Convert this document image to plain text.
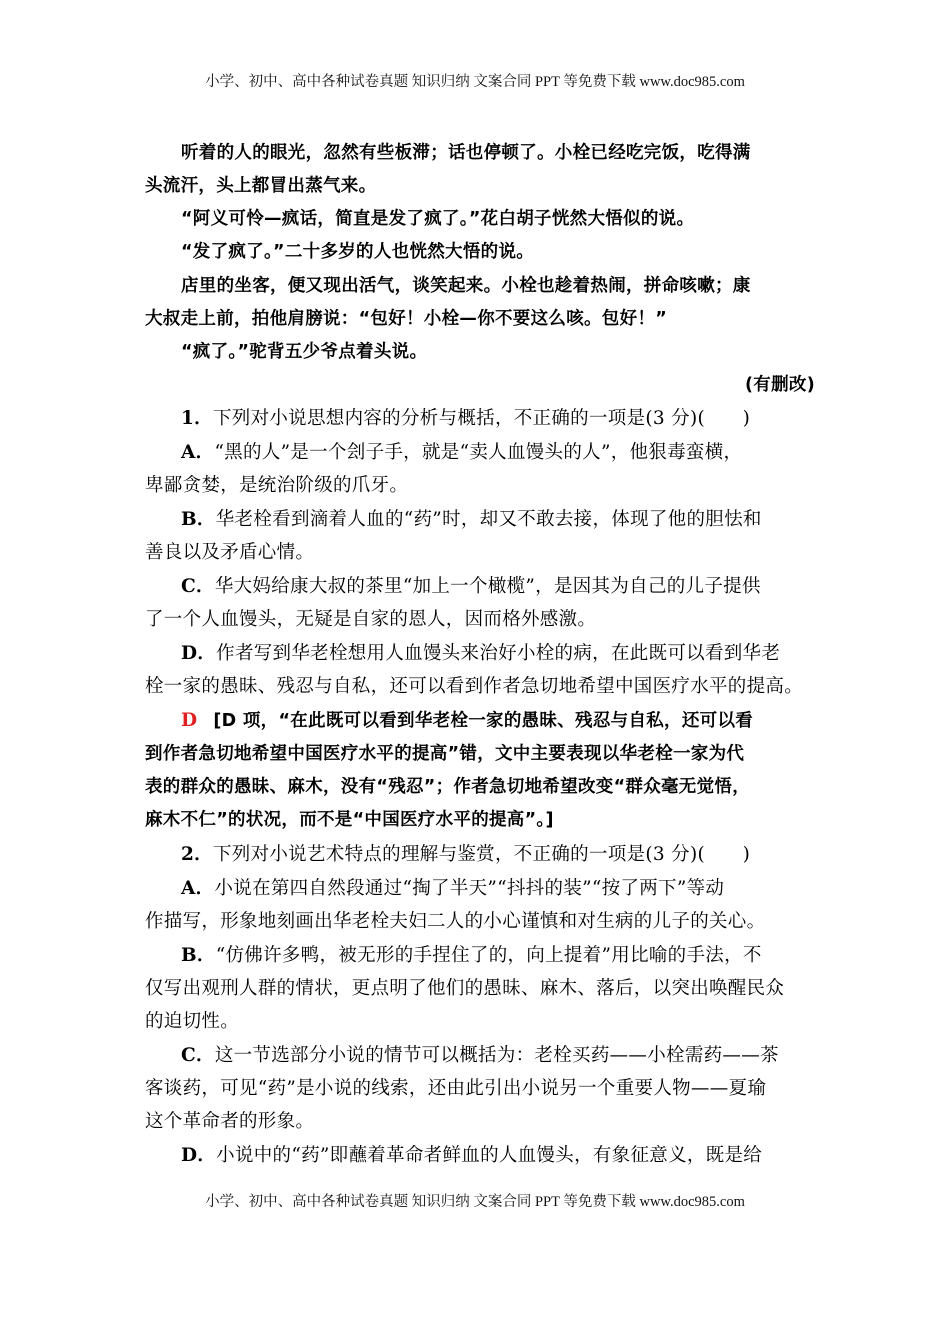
小学、初中、高中各种试卷真题 知识归纳 文案合同 PPT 等免费下载 www.doc985.com
听着的人的眼光，忽然有些板滞；话也停顿了。小栓已经吃完饭，吃得满
头流汗，头上都冒出蒸气来。
“阿义可怜—疯话，简直是发了疯了。”花白胡子恍然大悟似的说。
“发了疯了。”二十多岁的人也恍然大悟的说。
店里的坐客，便又现出活气，谈笑起来。小栓也趁着热闹，拼命咳嗽；康
大叔走上前，拍他肩膀说：“包好！小栓—你不要这么咳。包好！”
“疯了。”驼背五少爷点着头说。
(有删改)
1．下列对小说思想内容的分析与概括，不正确的一项是(3 分)(　　)
A．“黑的人”是一个刽子手，就是“卖人血馒头的人”，他狠毒蛮横，
卑鄙贪婪，是统治阶级的爪牙。
B．华老栓看到滴着人血的“药”时，却又不敢去接，体现了他的胆怯和
善良以及矛盾心情。
C．华大妈给康大叔的茶里“加上一个橄榄”，是因其为自己的儿子提供
了一个人血馒头，无疑是自家的恩人，因而格外感激。
D．作者写到华老栓想用人血馒头来治好小栓的病，在此既可以看到华老
栓一家的愚昧、残忍与自私，还可以看到作者急切地希望中国医疗水平的提高。
D [D 项，“在此既可以看到华老栓一家的愚昧、残忍与自私，还可以看
到作者急切地希望中国医疗水平的提高”错，文中主要表现以华老栓一家为代
表的群众的愚昧、麻木，没有“残忍”；作者急切地希望改变“群众毫无觉悟，
麻木不仁”的状况，而不是“中国医疗水平的提高”。]
2．下列对小说艺术特点的理解与鉴赏，不正确的一项是(3 分)(　　)
A．小说在第四自然段通过“掏了半天”“抖抖的装”“按了两下”等动
作描写，形象地刻画出华老栓夫妇二人的小心谨慎和对生病的儿子的关心。
B．“仿佛许多鸭，被无形的手捏住了的，向上提着”用比喻的手法，不
仅写出观刑人群的情状，更点明了他们的愚昧、麻木、落后，以突出唤醒民众
的迫切性。
C．这一节选部分小说的情节可以概括为：老栓买药——小栓需药——茶
客谈药，可见“药”是小说的线索，还由此引出小说另一个重要人物——夏瑜
这个革命者的形象。
D．小说中的“药”即蘸着革命者鲜血的人血馒头，有象征意义，既是给
小学、初中、高中各种试卷真题 知识归纳 文案合同 PPT 等免费下载 www.doc985.com
